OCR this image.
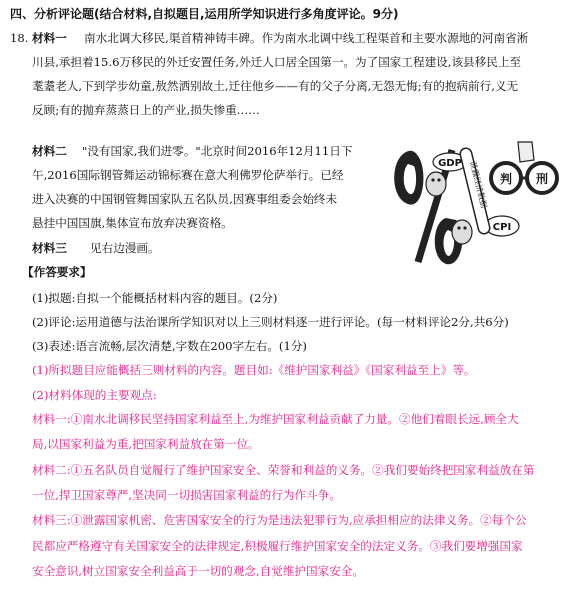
四、分析评论题(结合材料,自拟题目,运用所学知识进行多角度评论。9分)
18. 材料一 南水北调大移民,渠首精神铸丰碑。作为南水北调中线工程渠首和主要水源地的河南省淅
川县,承担着15.6万移民的外迁安置任务,外迁人口居全国第一。为了国家工程建设,该县移民上至
耄耋老人,下到学步幼童,敖然洒别故土,迁往他乡——有的父子分离,无怨无悔;有的抱病前行,义无
反顾;有的抛弃蒸蒸日上的产业,损失惨重……
材料二 "没有国家,我们进零。"北京时间2016年12月11日下
午,2016国际钢管舞运动锦标赛在意大利佛罗伦萨举行。已经
进入决赛的中国钢管舞国家队五名队员,因赛事组委会始终未
悬挂中国国旗,集体宣布放弃决赛资格。
材料三 见右边漫画。
GDP
CPI
泄露经济数据 判 刑
【作答要求】
(1)拟题:自拟一个能概括材料内容的题目。(2分)
(2)评论:运用道德与法治课所学知识对以上三则材料逐一进行评论。(每一材料评论2分,共6分)
(3)表述:语言流畅,层次清楚,字数在200字左右。(1分)
(1)所拟题目应能概括三则材料的内容。题目如:《维护国家利益》《国家利益至上》等。
(2)材料体现的主要观点:
材料一:①南水北调移民坚持国家利益至上,为维护国家利益贡献了力量。②他们着眼长远,顾全大
局,以国家利益为重,把国家利益放在第一位。
材料二:①五名队员自觉履行了维护国家安全、荣誉和利益的义务。②我们要始终把国家利益放在第
一位,捍卫国家尊严,坚决同一切损害国家利益的行为作斗争。
材料三:①泄露国家机密、危害国家安全的行为是违法犯罪行为,应承担相应的法律义务。②每个公
民都应严格遵守有关国家安全的法律规定,积极履行维护国家安全的法定义务。③我们要增强国家
安全意识,树立国家安全利益高于一切的观念,自觉维护国家安全。
